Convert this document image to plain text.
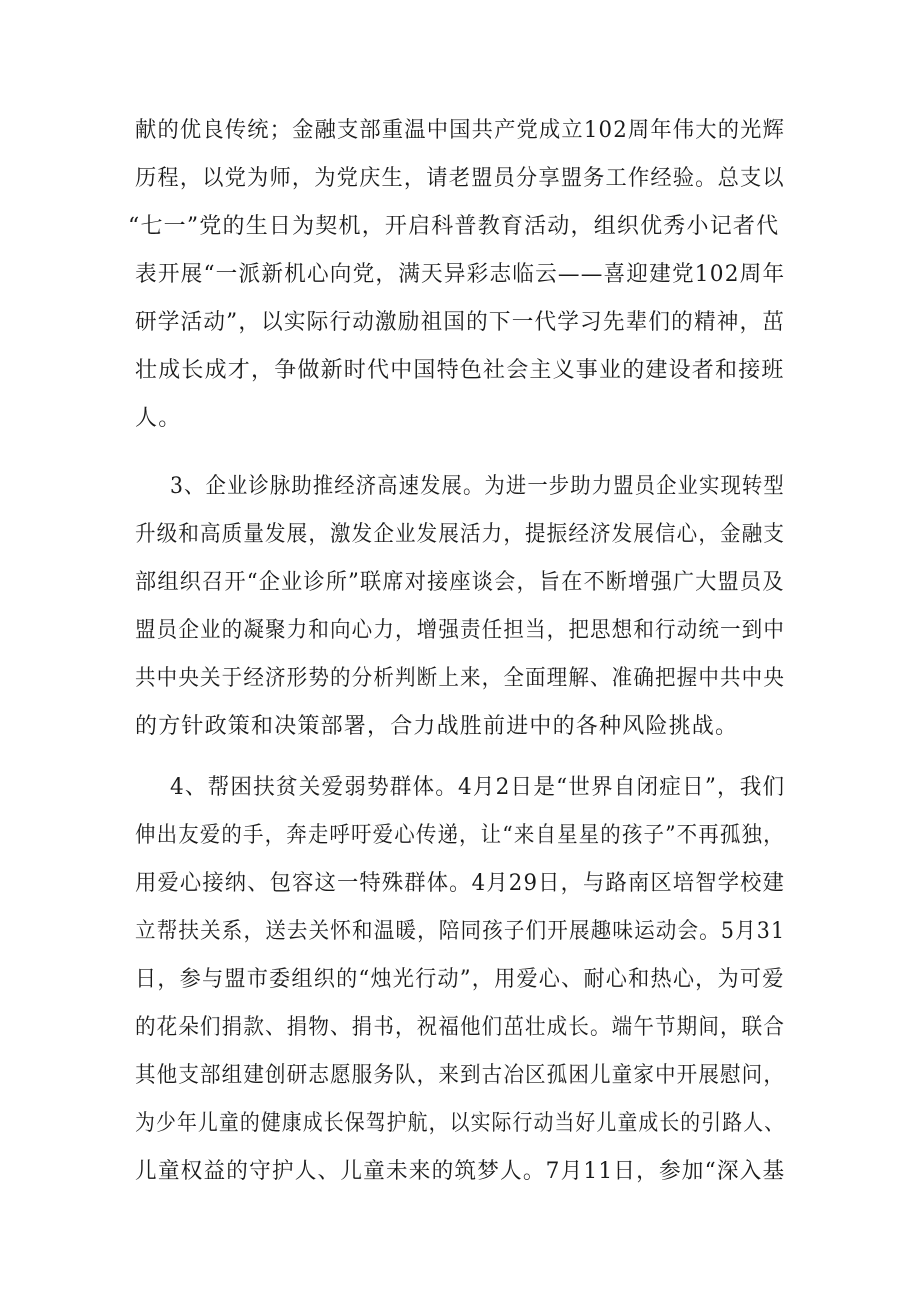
献的优良传统；金融支部重温中国共产党成立102周年伟大的光辉
历程，以党为师，为党庆生，请老盟员分享盟务工作经验。总支以
“七一”党的生日为契机，开启科普教育活动，组织优秀小记者代
表开展“一派新机心向党，满天异彩志临云——喜迎建党102周年
研学活动”，以实际行动激励祖国的下一代学习先辈们的精神，茁
壮成长成才，争做新时代中国特色社会主义事业的建设者和接班
人。
3、企业诊脉助推经济高速发展。为进一步助力盟员企业实现转型
升级和高质量发展，激发企业发展活力，提振经济发展信心，金融支
部组织召开“企业诊所”联席对接座谈会，旨在不断增强广大盟员及
盟员企业的凝聚力和向心力，增强责任担当，把思想和行动统一到中
共中央关于经济形势的分析判断上来，全面理解、准确把握中共中央
的方针政策和决策部署，合力战胜前进中的各种风险挑战。
4、帮困扶贫关爱弱势群体。4月2日是“世界自闭症日”，我们
伸出友爱的手，奔走呼吁爱心传递，让“来自星星的孩子”不再孤独，
用爱心接纳、包容这一特殊群体。4月29日，与路南区培智学校建
立帮扶关系，送去关怀和温暖，陪同孩子们开展趣味运动会。5月31
日，参与盟市委组织的“烛光行动”，用爱心、耐心和热心，为可爱
的花朵们捐款、捐物、捐书，祝福他们茁壮成长。端午节期间，联合
其他支部组建创研志愿服务队，来到古冶区孤困儿童家中开展慰问，
为少年儿童的健康成长保驾护航，以实际行动当好儿童成长的引路人、
儿童权益的守护人、儿童未来的筑梦人。7月11日，参加“深入基
